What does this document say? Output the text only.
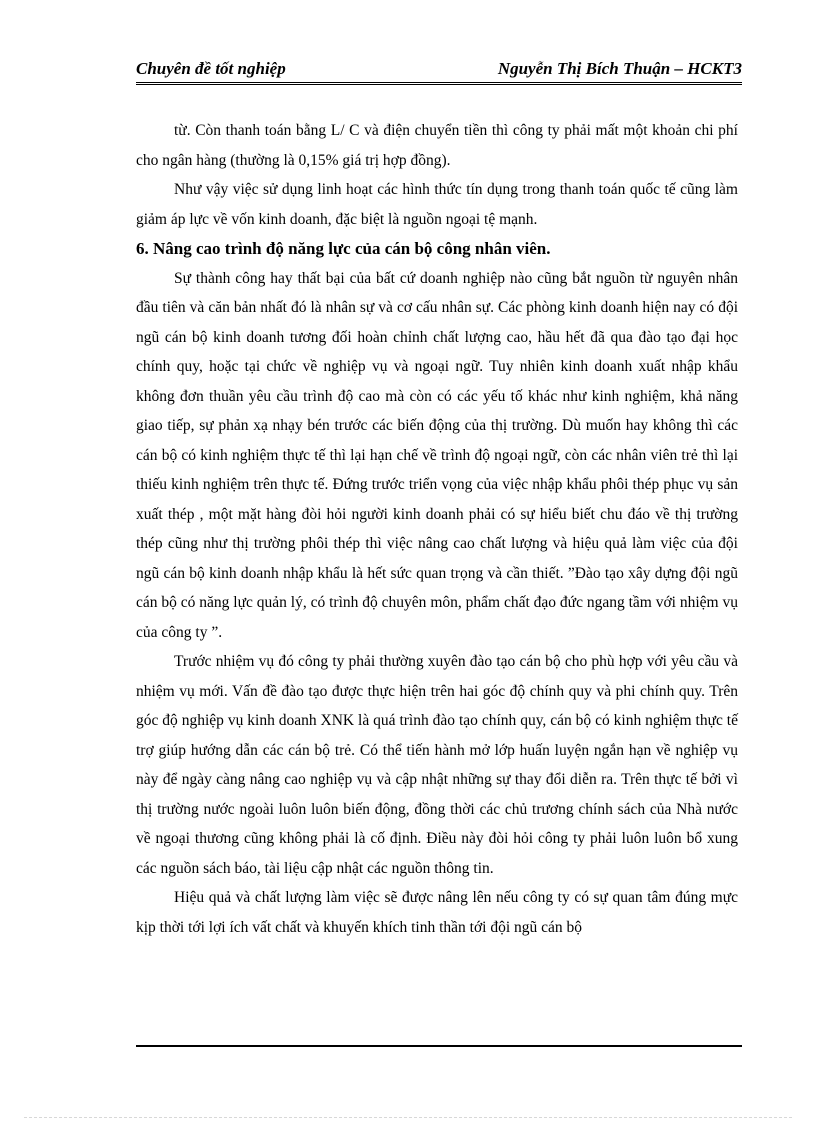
Chuyên đề tốt nghiệp	Nguyễn Thị Bích Thuận – HCKT3

từ. Còn thanh toán bằng L/ C và điện chuyển tiền thì công ty phải mất một khoản chi phí cho ngân hàng (thường là 0,15% giá trị hợp đồng).

Như vậy việc sử dụng linh hoạt các hình thức tín dụng trong thanh toán quốc tế cũng làm giảm áp lực về vốn kinh doanh, đặc biệt là nguồn ngoại tệ mạnh.

6. Nâng cao trình độ năng lực của cán bộ công nhân viên.

Sự thành công hay thất bại của bất cứ doanh nghiệp nào cũng bắt nguồn từ nguyên nhân đầu tiên và căn bản nhất đó là nhân sự và cơ cấu nhân sự. Các phòng kinh doanh hiện nay có đội ngũ cán bộ kinh doanh tương đối hoàn chỉnh chất lượng cao, hầu hết đã qua đào tạo đại học chính quy, hoặc tại chức về nghiệp vụ và ngoại ngữ. Tuy nhiên kinh doanh xuất nhập khẩu không đơn thuần yêu cầu trình độ cao mà còn có các yếu tố khác như kinh nghiệm, khả năng giao tiếp, sự phản xạ nhạy bén trước các biến động của thị trường. Dù muốn hay không thì các cán bộ có kinh nghiệm thực tế thì lại hạn chế về trình độ ngoại ngữ, còn các nhân viên trẻ thì lại thiếu kinh nghiệm trên thực tế. Đứng trước triển vọng của việc nhập khẩu phôi thép phục vụ sản xuất thép , một mặt hàng đòi hỏi người kinh doanh phải có sự hiểu biết chu đáo về thị trường thép cũng như thị trường phôi thép thì việc nâng cao chất lượng và hiệu quả làm việc của đội ngũ cán bộ kinh doanh nhập khẩu là hết sức quan trọng và cần thiết. ”Đào tạo xây dựng đội ngũ cán bộ có năng lực quản lý, có trình độ chuyên môn, phẩm chất đạo đức ngang tầm với nhiệm vụ của công ty ”.

Trước nhiệm vụ đó công ty phải thường xuyên đào tạo cán bộ cho phù hợp với yêu cầu và nhiệm vụ mới. Vấn đề đào tạo được thực hiện trên hai góc độ chính quy và phi chính quy. Trên góc độ nghiệp vụ kinh doanh XNK là quá trình đào tạo chính quy, cán bộ có kinh nghiệm thực tế trợ giúp hướng dẫn các cán bộ trẻ. Có thể tiến hành mở lớp huấn luyện ngắn hạn về nghiệp vụ này để ngày càng nâng cao nghiệp vụ và cập nhật những sự thay đổi diễn ra. Trên thực tế bởi vì thị trường nước ngoài luôn luôn biến động, đồng thời các chủ trương chính sách của Nhà nước về ngoại thương cũng không phải là cố định. Điều này đòi hỏi công ty phải luôn luôn bổ xung các nguồn sách báo, tài liệu cập nhật các nguồn thông tin.

Hiệu quả và chất lượng làm việc sẽ được nâng lên nếu công ty có sự quan tâm đúng mực kịp thời tới lợi ích vất chất và khuyến khích tinh thần tới đội ngũ cán bộ
